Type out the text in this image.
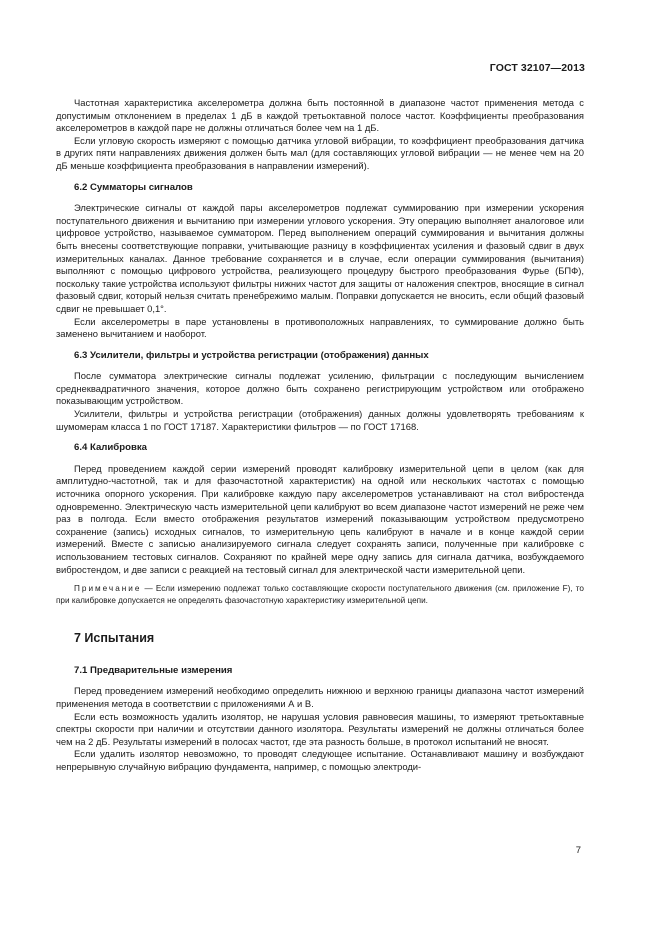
ГОСТ 32107—2013

Частотная характеристика акселерометра должна быть постоянной в диапазоне частот применения метода с допустимым отклонением в пределах 1 дБ в каждой третьоктавной полосе частот. Коэффициенты преобразования акселерометров в каждой паре не должны отличаться более чем на 1 дБ.

Если угловую скорость измеряют с помощью датчика угловой вибрации, то коэффициент преобразования датчика в других пяти направлениях движения должен быть мал (для составляющих угловой вибрации — не менее чем на 20 дБ меньше коэффициента преобразования в направлении измерений).

6.2 Сумматоры сигналов

Электрические сигналы от каждой пары акселерометров подлежат суммированию при измерении ускорения поступательного движения и вычитанию при измерении углового ускорения. Эту операцию выполняет аналоговое или цифровое устройство, называемое сумматором. Перед выполнением операций суммирования и вычитания должны быть внесены соответствующие поправки, учитывающие разницу в коэффициентах усиления и фазовый сдвиг в двух измерительных каналах. Данное требование сохраняется и в случае, если операции суммирования (вычитания) выполняют с помощью цифрового устройства, реализующего процедуру быстрого преобразования Фурье (БПФ), поскольку такие устройства используют фильтры нижних частот для защиты от наложения спектров, вносящие в сигнал фазовый сдвиг, который нельзя считать пренебрежимо малым. Поправки допускается не вносить, если общий фазовый сдвиг не превышает 0,1°.

Если акселерометры в паре установлены в противоположных направлениях, то суммирование должно быть заменено вычитанием и наоборот.

6.3 Усилители, фильтры и устройства регистрации (отображения) данных

После сумматора электрические сигналы подлежат усилению, фильтрации с последующим вычислением среднеквадратичного значения, которое должно быть сохранено регистрирующим устройством или отображено показывающим устройством.

Усилители, фильтры и устройства регистрации (отображения) данных должны удовлетворять требованиям к шумомерам класса 1 по ГОСТ 17187. Характеристики фильтров — по ГОСТ 17168.

6.4 Калибровка

Перед проведением каждой серии измерений проводят калибровку измерительной цепи в целом (как для амплитудно-частотной, так и для фазочастотной характеристик) на одной или нескольких частотах с помощью источника опорного ускорения. При калибровке каждую пару акселерометров устанавливают на стол вибростенда одновременно. Электрическую часть измерительной цепи калибруют во всем диапазоне частот измерений не реже чем раз в полгода. Если вместо отображения результатов измерений показывающим устройством предусмотрено сохранение (запись) исходных сигналов, то измерительную цепь калибруют в начале и в конце каждой серии измерений. Вместе с записью анализируемого сигнала следует сохранять записи, полученные при калибровке с использованием тестовых сигналов. Сохраняют по крайней мере одну запись для сигнала датчика, возбуждаемого вибростендом, и две записи с реакцией на тестовый сигнал для электрической части измерительной цепи.

Примечание — Если измерению подлежат только составляющие скорости поступательного движения (см. приложение F), то при калибровке допускается не определять фазочастотную характеристику измерительной цепи.

7 Испытания
7.1 Предварительные измерения

Перед проведением измерений необходимо определить нижнюю и верхнюю границы диапазона частот измерений применения метода в соответствии с приложениями А и В.

Если есть возможность удалить изолятор, не нарушая условия равновесия машины, то измеряют третьоктавные спектры скорости при наличии и отсутствии данного изолятора. Результаты измерений не должны отличаться более чем на 2 дБ. Результаты измерений в полосах частот, где эта разность больше, в протокол испытаний не вносят.

Если удалить изолятор невозможно, то проводят следующее испытание. Останавливают машину и возбуждают непрерывную случайную вибрацию фундамента, например, с помощью электроди-

7
